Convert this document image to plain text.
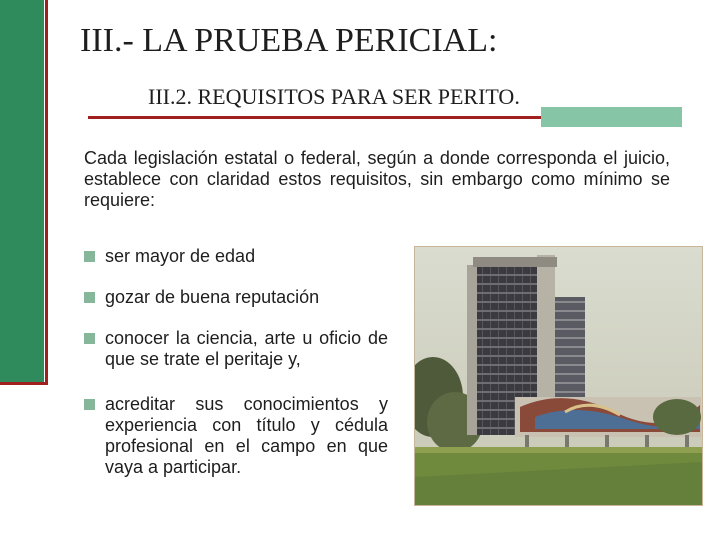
III.- LA PRUEBA PERICIAL:
III.2. REQUISITOS PARA SER PERITO.
Cada legislación estatal o federal, según a donde corresponda el juicio, establece con claridad estos requisitos, sin embargo como mínimo se requiere:
ser mayor de edad
gozar de buena reputación
conocer la ciencia, arte u oficio de que se trate el peritaje y,
acreditar sus conocimientos y experiencia con título y cédula profesional en el campo en que vaya a participar.
